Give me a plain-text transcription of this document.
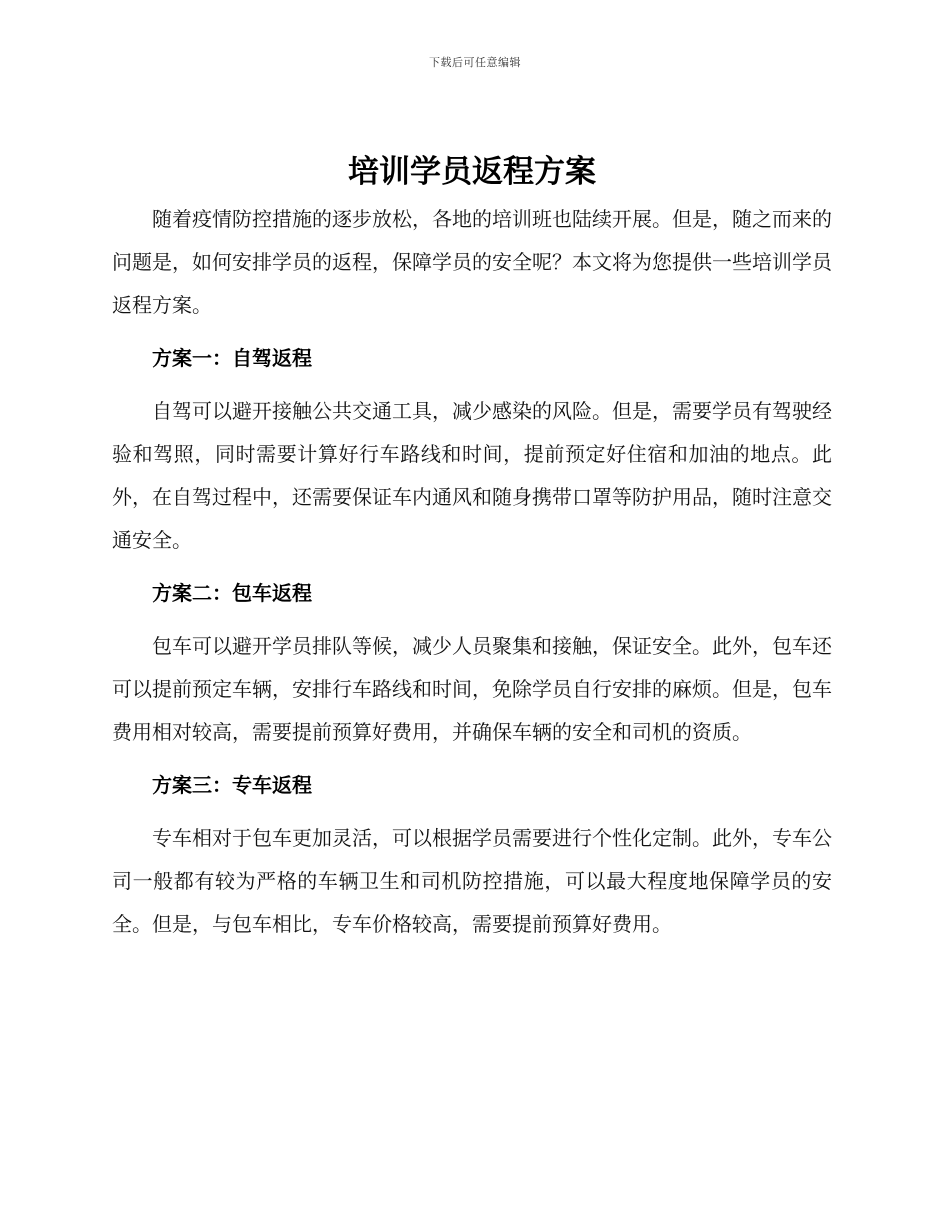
下载后可任意编辑
培训学员返程方案

随着疫情防控措施的逐步放松，各地的培训班也陆续开展。但是，随之而来的问题是，如何安排学员的返程，保障学员的安全呢？本文将为您提供一些培训学员返程方案。

方案一：自驾返程

自驾可以避开接触公共交通工具，减少感染的风险。但是，需要学员有驾驶经验和驾照，同时需要计算好行车路线和时间，提前预定好住宿和加油的地点。此外，在自驾过程中，还需要保证车内通风和随身携带口罩等防护用品，随时注意交通安全。

方案二：包车返程

包车可以避开学员排队等候，减少人员聚集和接触，保证安全。此外，包车还可以提前预定车辆，安排行车路线和时间，免除学员自行安排的麻烦。但是，包车费用相对较高，需要提前预算好费用，并确保车辆的安全和司机的资质。

方案三：专车返程

专车相对于包车更加灵活，可以根据学员需要进行个性化定制。此外，专车公司一般都有较为严格的车辆卫生和司机防控措施，可以最大程度地保障学员的安全。但是，与包车相比，专车价格较高，需要提前预算好费用。
